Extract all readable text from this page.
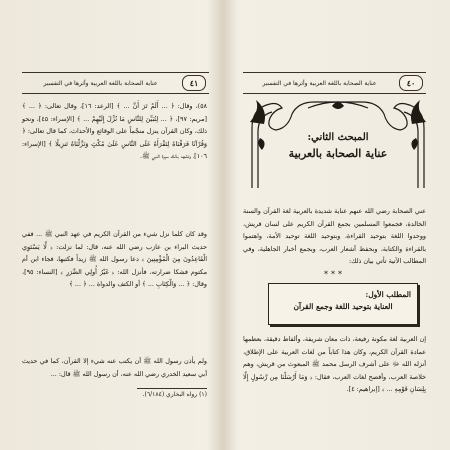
٤١
عناية الصحابة باللغة العربية وأثرها في التفسير
٥٨)، وقال: ﴿ ... أَلَمْ تَرَ أَنَّ ... ﴾ [الرعد: ١٦]، وقال تعالى: ﴿ ... ﴾ [مريم: ٩٧]، ﴿ ... لِتُبَيِّنَ لِلنَّاسِ مَا نُزِّلَ إِلَيْهِمْ ... ﴾ [الإسراء: ٤٥]، ونحو ذلك، وكان القرآن ينزل منجّماً على الوقائع والأحداث، كما قال تعالى: ﴿ وَقُرْآنًا فَرَقْنَاهُ لِتَقْرَأَهُ عَلَى النَّاسِ عَلَىٰ مُكْثٍ وَنَزَّلْنَاهُ تَنزِيلًا ﴾ [الإسراء: ١٠٦]، وتشهد بذلك سيرة النبي ﷺ.
وقد كان كلما نزل شيء من القرآن الكريم في عهد النبي ﷺ ... ففي حديث البراء بن عازب رضي الله عنه، قال: لما نزلت: ﴿ لَّا يَسْتَوِي الْقَاعِدُونَ مِنَ الْمُؤْمِنِينَ ﴾ دعا رسول الله ﷺ زيداً فكتبها، فجاء ابن أم مكتوم فشكا ضرارته، فأنزل الله: ﴿ غَيْرُ أُولِي الضَّرَرِ ﴾ [النساء: ٩٥]، وقال: ﴿ ... وَالْكِتَابِ ... ﴾ أو الكتف والدواة ... ﴿ ... ﴾
ولم يأذن رسول الله ﷺ أن يكتب عنه شيء إلا القرآن، كما في حديث أبي سعيد الخدري رضي الله عنه، أن رسول الله ﷺ قال: ...
(١) رواه البخاري (٦/١٨٤).
٤٠
عناية الصحابة باللغة العربية وأثرها في التفسير
المبحث الثاني:
عناية الصحابة بالعربية
عني الصحابة رضي الله عنهم عناية شديدة بالعربية لغة القرآن والسنة الخالدة، فجمعوا المسلمين بجمع القرآن الكريم على لسان قريش، ووحدوا اللغة بتوحيد القراءة، وبتوحيد اللغة توحيد الأمة، واهتموا بالقراءة والكتابة، وبحفظ أشعار العرب، وبجمع أخبار الجاهلية، وفي المطالب الآتية تأتي بيان ذلك:
***
المطلب الأول:
العناية بتوحيد اللغة وجمع القرآن
إن العربية لغة مكونة رفيعة، ذات معان شريفة، وألفاظ دقيقة، بعظمها عمادة القرآن الكريم، وكان هذا كتاباً من لغات العربية على الإطلاق، أنزله الله ﷻ على أشرف الرسل محمد ﷺ المبعوث من قريش، وهم خلاصة العرب، وأفصح لغات العرب، فقال: ﴿ وَمَا أَرْسَلْنَا مِن رَّسُولٍ إِلَّا بِلِسَانِ قَوْمِهِ ... ﴾ [إبراهيم: ٤].
